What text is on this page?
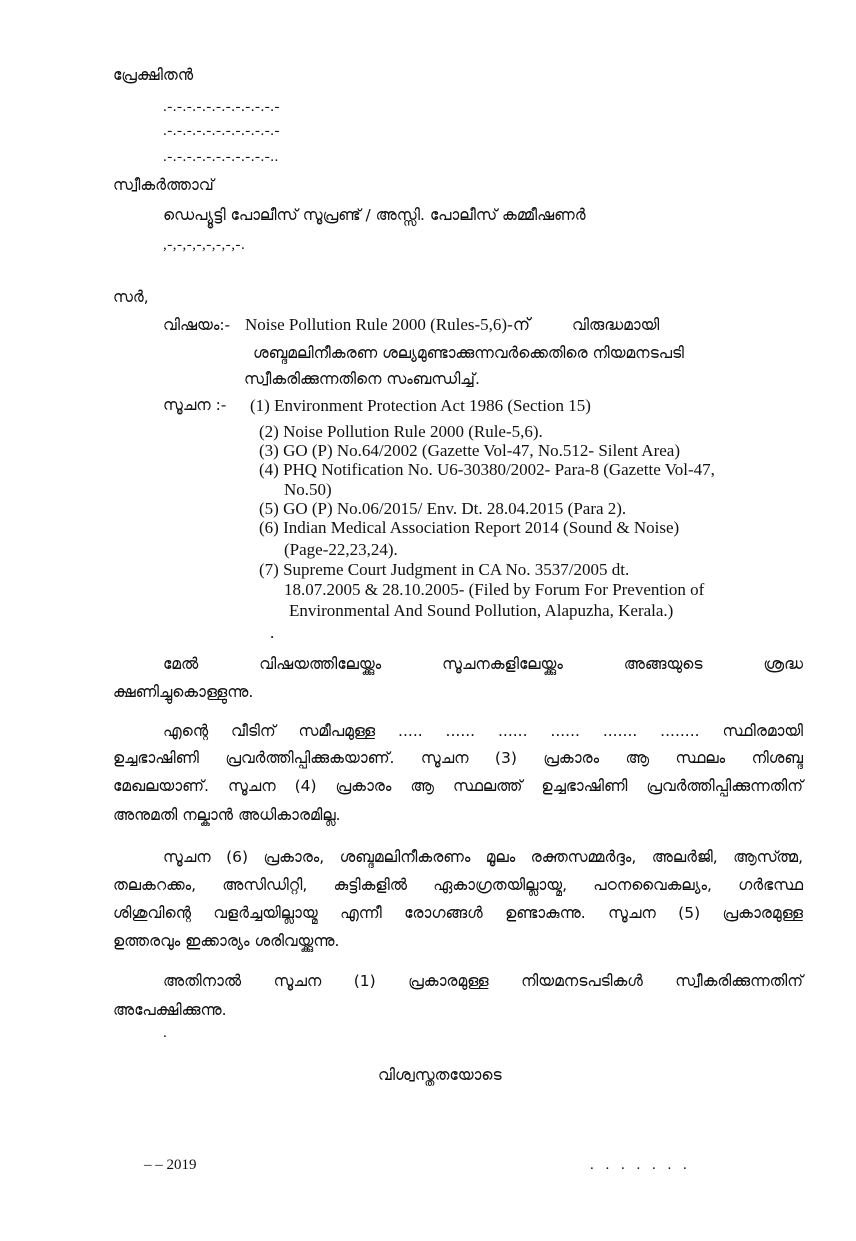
പ്രേക്ഷിതൻ
.-.-.-.-.-.-.-.-.-.-.-.-
.-.-.-.-.-.-.-.-.-.-.-.-
.-.-.-.-.-.-.-.-.-.-.-..
സ്വീകർത്താവ്
ഡെപ്യൂട്ടി പോലീസ് സൂപ്രണ്ട് / അസ്സി. പോലീസ് കമ്മീഷണർ
,-,-,-,-,-,-,-,-.
സർ,
വിഷയം:- Noise Pollution Rule 2000 (Rules-5,6)-ന്	വിരുദ്ധമായി
ശബ്ദമലിനീകരണ ശല്യമുണ്ടാക്കുന്നവർക്കെതിരെ നിയമനടപടി
സ്വീകരിക്കുന്നതിനെ സംബന്ധിച്ച്.
സൂചന :- (1) Environment Protection Act 1986 (Section 15)
(2) Noise Pollution Rule 2000 (Rule-5,6).
(3) GO (P) No.64/2002 (Gazette Vol-47, No.512- Silent Area)
(4) PHQ Notification No. U6-30380/2002- Para-8 (Gazette Vol-47,
No.50)
(5) GO (P) No.06/2015/ Env. Dt. 28.04.2015 (Para 2).
(6) Indian Medical Association Report 2014 (Sound & Noise)
(Page-22,23,24).
(7) Supreme Court Judgment in CA No. 3537/2005 dt.
18.07.2005 & 28.10.2005- (Filed by Forum For Prevention of
Environmental And Sound Pollution, Alapuzha, Kerala.)
.
മേൽ വിഷയത്തിലേയ്ക്കും സൂചനകളിലേയ്ക്കും അങ്ങയുടെ ശ്രദ്ധ
ക്ഷണിച്ചുകൊള്ളുന്നു.
എന്റെ വീടിന് സമീപമുള്ള ..... ...... ...... ...... ....... ........ സ്ഥിരമായി
ഉച്ചഭാഷിണി പ്രവർത്തിപ്പിക്കുകയാണ്. സൂചന (3) പ്രകാരം ആ സ്ഥലം നിശബ്ദ
മേഖലയാണ്. സൂചന (4) പ്രകാരം ആ സ്ഥലത്ത് ഉച്ചഭാഷിണി പ്രവർത്തിപ്പിക്കുന്നതിന്
അനുമതി നല്കാൻ അധികാരമില്ല.
സൂചന (6) പ്രകാരം, ശബ്ദമലിനീകരണം മൂലം രക്തസമ്മർദ്ദം, അലർജി, ആസ്ത്മ,
തലകറക്കം, അസിഡിറ്റി, കുട്ടികളിൽ ഏകാഗ്രതയില്ലായ്മ, പഠനവൈകല്യം, ഗർഭസ്ഥ
ശിശുവിന്റെ വളർച്ചയില്ലായ്മ എന്നീ രോഗങ്ങൾ ഉണ്ടാകുന്നു. സൂചന (5) പ്രകാരമുള്ള
ഉത്തരവും ഇക്കാര്യം ശരിവയ്ക്കുന്നു.
അതിനാൽ സൂചന (1) പ്രകാരമുള്ള നിയമനടപടികൾ സ്വീകരിക്കുന്നതിന്
അപേക്ഷിക്കുന്നു.
.
വിശ്വസ്തതയോടെ
– – 2019	. . . . . . .
